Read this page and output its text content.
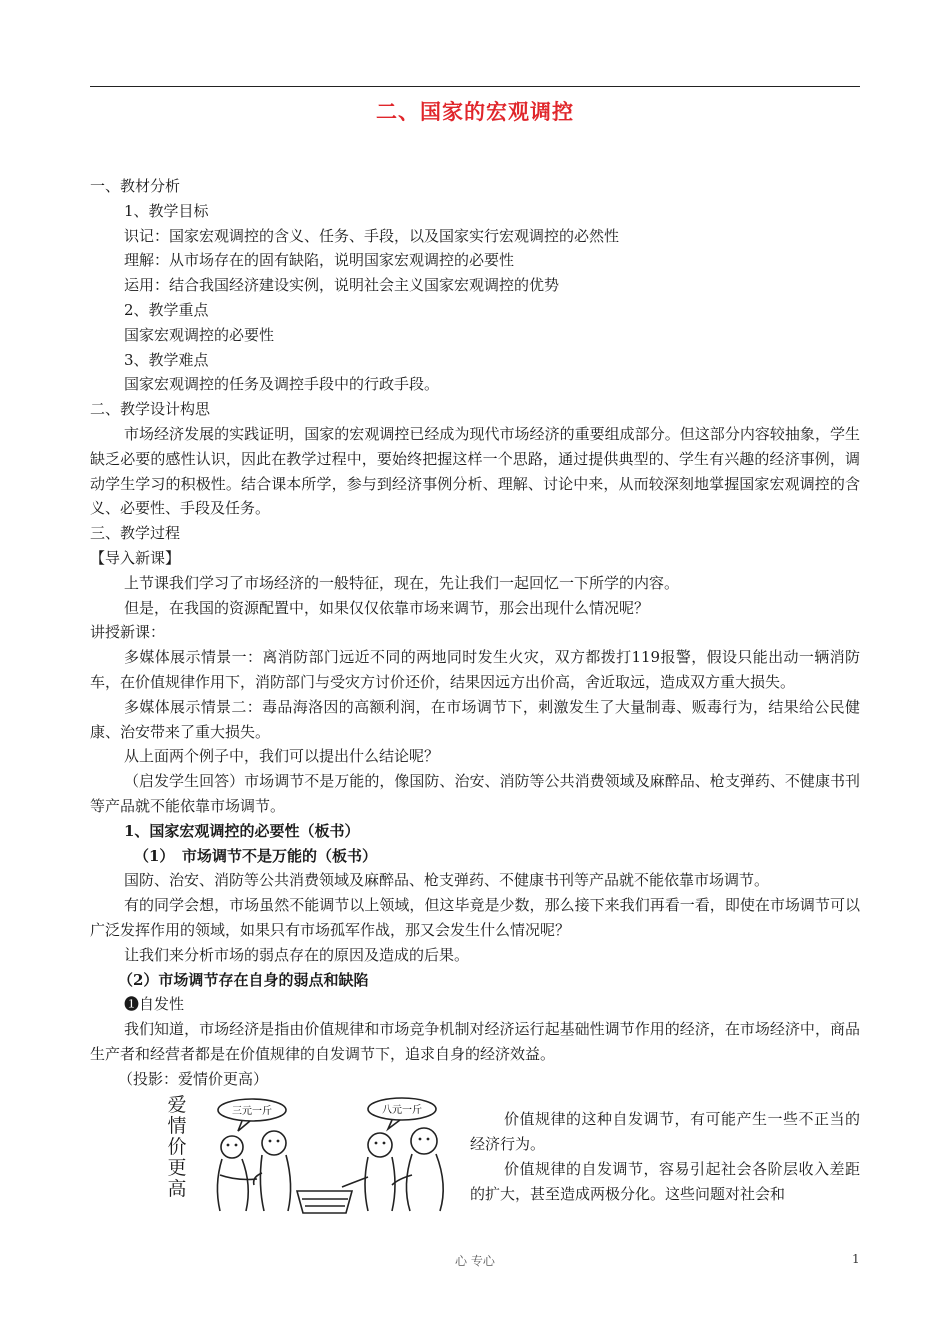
二、国家的宏观调控
一、教材分析
1、教学目标
识记：国家宏观调控的含义、任务、手段，以及国家实行宏观调控的必然性
理解：从市场存在的固有缺陷，说明国家宏观调控的必要性
运用：结合我国经济建设实例，说明社会主义国家宏观调控的优势
2、教学重点
国家宏观调控的必要性
3、教学难点
国家宏观调控的任务及调控手段中的行政手段。
二、教学设计构思
市场经济发展的实践证明，国家的宏观调控已经成为现代市场经济的重要组成部分。但这部分内容较抽象，学生缺乏必要的感性认识，因此在教学过程中，要始终把握这样一个思路，通过提供典型的、学生有兴趣的经济事例，调动学生学习的积极性。结合课本所学，参与到经济事例分析、理解、讨论中来，从而较深刻地掌握国家宏观调控的含义、必要性、手段及任务。
三、教学过程
【导入新课】
上节课我们学习了市场经济的一般特征，现在，先让我们一起回忆一下所学的内容。
但是，在我国的资源配置中，如果仅仅依靠市场来调节，那会出现什么情况呢？
讲授新课：
多媒体展示情景一：离消防部门远近不同的两地同时发生火灾，双方都拨打119报警，假设只能出动一辆消防车，在价值规律作用下，消防部门与受灾方讨价还价，结果因远方出价高，舍近取远，造成双方重大损失。
多媒体展示情景二：毒品海洛因的高额利润，在市场调节下，刺激发生了大量制毒、贩毒行为，结果给公民健康、治安带来了重大损失。
从上面两个例子中，我们可以提出什么结论呢？
（启发学生回答）市场调节不是万能的，像国防、治安、消防等公共消费领域及麻醉品、枪支弹药、不健康书刊等产品就不能依靠市场调节。
1、国家宏观调控的必要性（板书）
（1）　市场调节不是万能的（板书）
国防、治安、消防等公共消费领域及麻醉品、枪支弹药、不健康书刊等产品就不能依靠市场调节。
有的同学会想，市场虽然不能调节以上领域，但这毕竟是少数，那么接下来我们再看一看，即使在市场调节可以广泛发挥作用的领域，如果只有市场孤军作战，那又会发生什么情况呢？
让我们来分析市场的弱点存在的原因及造成的后果。
（2）市场调节存在自身的弱点和缺陷
❶自发性
我们知道，市场经济是指由价值规律和市场竞争机制对经济运行起基础性调节作用的经济，在市场经济中，商品生产者和经营者都是在价值规律的自发调节下，追求自身的经济效益。
（投影：爱情价更高）
爱
情
价
更
高
三元一斤	八元一斤	价值规律的这种自发调节，有可能产生一些不正当的经济行为。
价值规律的自发调节，容易引起社会各阶层收入差距的扩大，甚至造成两极分化。这些问题对社会和
心 专心	1
